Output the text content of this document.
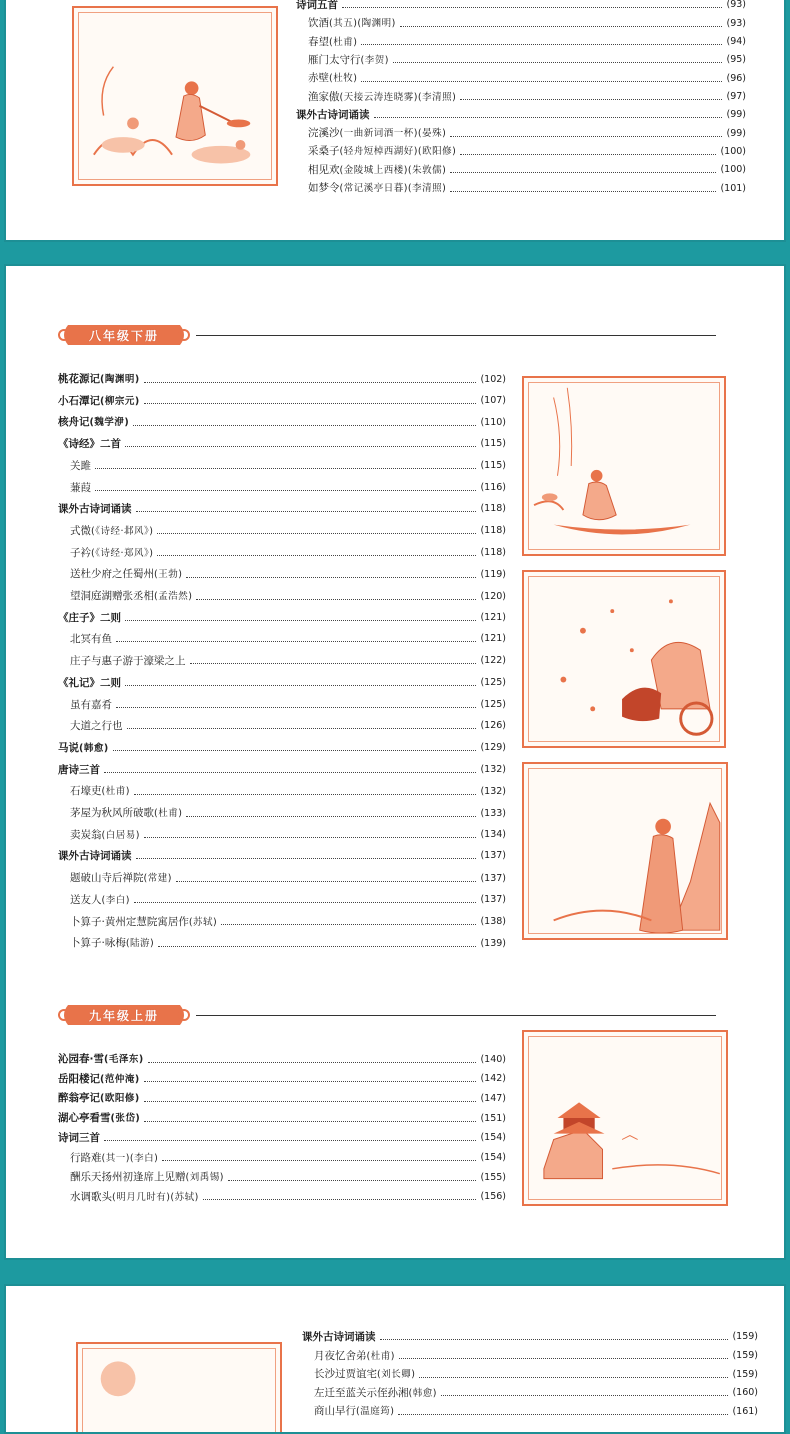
诗词五首	(93)
饮酒(其五)(陶渊明)	(93)
春望(杜甫)	(94)
雁门太守行(李贺)	(95)
赤壁(杜牧)	(96)
渔家傲(天接云涛连晓雾)(李清照)	(97)
课外古诗词诵读	(99)
浣溪沙(一曲新词酒一杯)(晏殊)	(99)
采桑子(轻舟短棹西湖好)(欧阳修)	(100)
相见欢(金陵城上西楼)(朱敦儒)	(100)
如梦令(常记溪亭日暮)(李清照)	(101)
八年级下册
桃花源记(陶渊明)	(102)
小石潭记(柳宗元)	(107)
核舟记(魏学洢)	(110)
《诗经》二首	(115)
关雎	(115)
蒹葭	(116)
课外古诗词诵读	(118)
式微(《诗经·邶风》)	(118)
子衿(《诗经·郑风》)	(118)
送杜少府之任蜀州(王勃)	(119)
望洞庭湖赠张丞相(孟浩然)	(120)
《庄子》二则	(121)
北冥有鱼	(121)
庄子与惠子游于濠梁之上	(122)
《礼记》二则	(125)
虽有嘉肴	(125)
大道之行也	(126)
马说(韩愈)	(129)
唐诗三首	(132)
石壕吏(杜甫)	(132)
茅屋为秋风所破歌(杜甫)	(133)
卖炭翁(白居易)	(134)
课外古诗词诵读	(137)
题破山寺后禅院(常建)	(137)
送友人(李白)	(137)
卜算子·黄州定慧院寓居作(苏轼)	(138)
卜算子·咏梅(陆游)	(139)
九年级上册
沁园春·雪(毛泽东)	(140)
岳阳楼记(范仲淹)	(142)
醉翁亭记(欧阳修)	(147)
湖心亭看雪(张岱)	(151)
诗词三首	(154)
行路难(其一)(李白)	(154)
酬乐天扬州初逢席上见赠(刘禹锡)	(155)
水调歌头(明月几时有)(苏轼)	(156)
课外古诗词诵读	(159)
月夜忆舍弟(杜甫)	(159)
长沙过贾谊宅(刘长卿)	(159)
左迁至蓝关示侄孙湘(韩愈)	(160)
商山早行(温庭筠)	(161)
